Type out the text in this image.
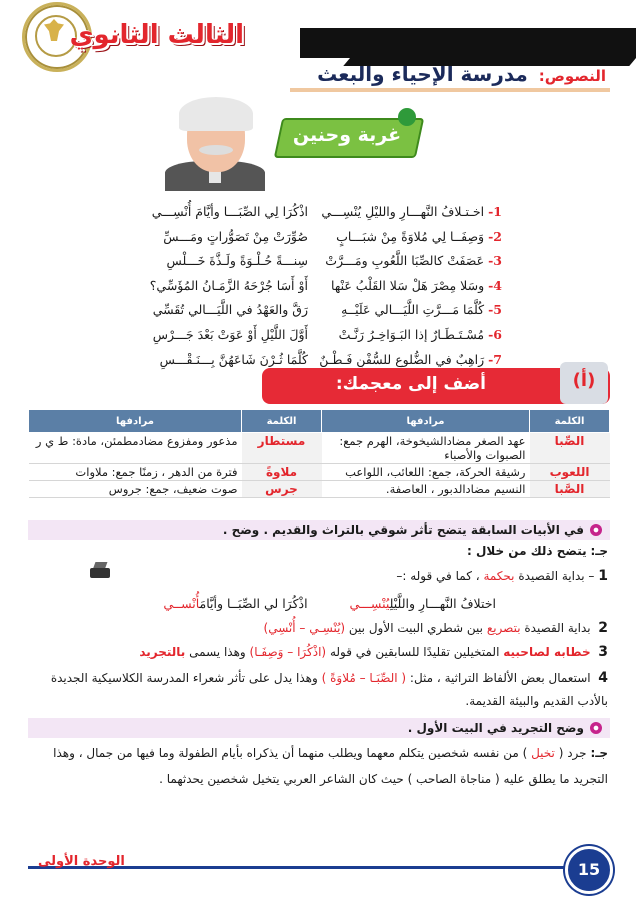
الثالث الثانوي
النصوص: مدرسة الإحياء والبعث
غربة وحنين
1- اخـتـلافُ النَّهـــارِ والليْلِ يُنْسِـــي
اذْكُرَا لِي الصِّبَـــا وأيَّامَ أُنْسِـــي
2- وَصِفَــا لِي مُلاوَةً مِنْ شبَـــابٍ
صُوِّرَتْ مِنْ تَصَوُّراتٍ ومَـــسِّ
3- عَصَفَتْ كالصِّبَا اللَّعُوبِ ومَـــرَّتْ
سِنـــةً حُـلْـوَةً ولَـذَّةَ خَـــلْسِ
4- وسَلا مِصْرَ هَلْ سَلا القَلْبُ عَنْها
أَوْ أَسَا جُرْحَهُ الزَّمَـانُ المُؤَسِّي؟
5- كُلَّمَا مَـــرَّتِ اللَّيَـــالي عَلَيْــهِ
رَقَّ والعَهْدُ في اللَّيَـــالي تُقَسِّي
6- مُسْـتَـطَـارٌ إذا البَـوَاخِـرُ رَنَّـتْ
أَوَّلَ اللَّيْلِ أَوْ عَوَتْ بَعْدَ جَـــرْسِ
7- رَاهِبٌ في الضُّلوعِ للسُّفْنِ فَـطْـنٌ
كُلَّمَا ثُـرْنَ شَاعَهُنَّ بِـــنَـقْـــسِ
(أ)
أضف إلى معجمك:
الكلمة	مرادفها	الكلمة	مرادفها
الصِّبا	عهد الصغر مضادالشيخوخة، الهرم جمع: الصبوات والأصباء	مستطار	مذعور ومفزوع مضادمطمئن، مادة: ط ي ر
اللعوب	رشيقة الحركة، جمع: اللعائب، اللواعب	ملاوةً	فترة من الدهر ، زمنًا جمع: ملاوات
الصَّبا	النسيم مضادالدبور ، العاصفة.	جرس	صوت ضعيف، جمع: جروس
في الأبيات السابقة يتضح تأثر شوقي بالتراث والقديم . وضح .
جـ: يتضح ذلك من خلال :
1 – بداية القصيدة بحكمة ، كما في قوله :–
اختلافُ النَّهـــارِ واللَّيْلِيُنْسِـــي  اذْكُرَا لي الصِّبَــا وأيَّامَأُنْســي
2  بداية القصيدة بتصريع بين شطري البيت الأول بين (يُنْسِـي – أُنْسِي)
3  خطابه لصاحبيه المتخيلين تقليدًا للسابقين في قوله (اذْكُرَا – وَصِفَـا) وهذا يسمى بالتجريد
4  استعمال بعض الألفاظ التراثية ، مثل: ( الصِّبَـا – مُلاوَةً ) وهذا يدل على تأثر شعراء المدرسة الكلاسيكية الجديدة
بالأدب القديم والبيئة القديمة.
وضح التجريد في البيت الأول .
جـ: جرد ( تخيل ) من نفسه شخصين يتكلم معهما ويطلب منهما أن يذكراه بأيام الطفولة وما فيها من جمال ، وهذا
التجريد ما يطلق عليه ( مناجاة الصاحب ) حيث كان الشاعر العربي يتخيل شخصين يحدثهما .
الوحدة الأولى	15
